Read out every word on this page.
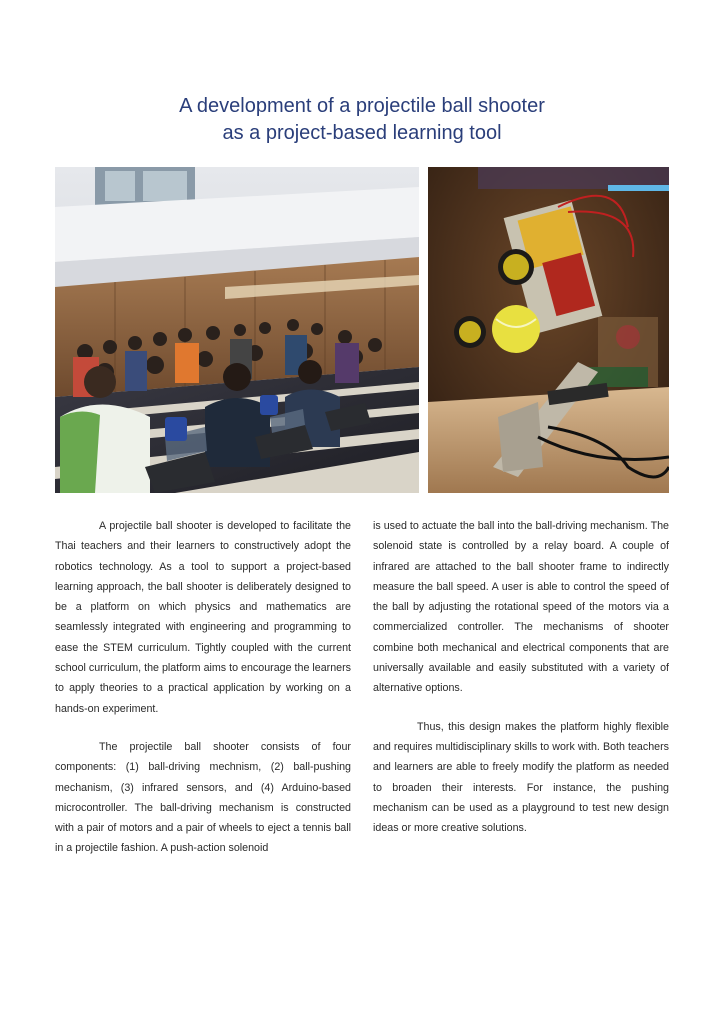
A development of a projectile ball shooter
as a project-based learning tool

A projectile ball shooter is developed to facilitate the Thai teachers and their learners to constructively adopt the robotics technology. As a tool to support a project-based learning approach, the ball shooter is deliberately designed to be a platform on which physics and mathematics are seamlessly integrated with engineering and programming to ease the STEM curriculum. Tightly coupled with the current school curriculum, the platform aims to encourage the learners to apply theories to a practical application by working on a hands-on experiment.

The projectile ball shooter consists of four components: (1) ball-driving mechnism, (2) ball-pushing mechanism, (3) infrared sensors, and (4) Arduino-based microcontroller. The ball-driving mechanism is constructed with a pair of motors and a pair of wheels to eject a tennis ball in a projectile fashion. A push-action solenoid

is used to actuate the ball into the ball-driving mechanism. The solenoid state is controlled by a relay board. A couple of infrared are attached to the ball shooter frame to indirectly measure the ball speed. A user is able to control the speed of the ball by adjusting the rotational speed of the motors via a commercialized controller. The mechanisms of shooter combine both mechanical and electrical components that are universally available and easily substituted with a variety of alternative options.

Thus, this design makes the platform highly flexible and requires multidisciplinary skills to work with. Both teachers and learners are able to freely modify the platform as needed to broaden their interests. For instance, the pushing mechanism can be used as a playground to test new design ideas or more creative solutions.
